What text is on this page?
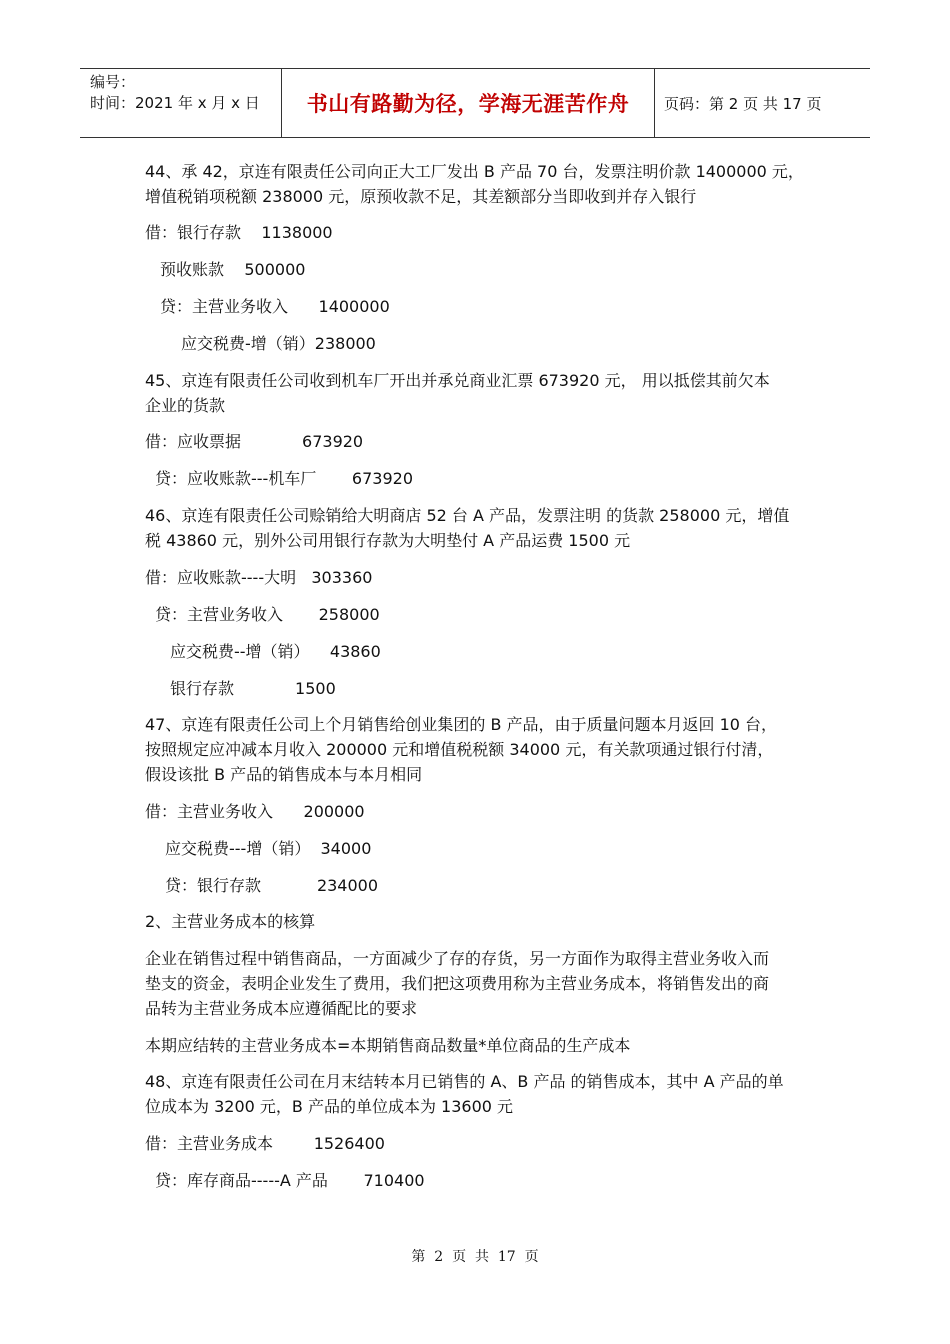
编号：
时间：2021 年 x 月 x 日	书山有路勤为径，学海无涯苦作舟	页码：第 2 页 共 17 页
44、承 42，京连有限责任公司向正大工厂发出 B 产品 70 台，发票注明价款 1400000 元，
增值税销项税额 238000 元，原预收款不足，其差额部分当即收到并存入银行
借：银行存款    1138000
预收账款    500000
贷：主营业务收入      1400000
应交税费-增（销）238000
45、京连有限责任公司收到机车厂开出并承兑商业汇票 673920 元， 用以抵偿其前欠本
企业的货款
借：应收票据            673920
贷：应收账款---机车厂       673920
46、京连有限责任公司赊销给大明商店 52 台 A 产品，发票注明 的货款 258000 元，增值
税 43860 元，别外公司用银行存款为大明垫付 A 产品运费 1500 元
借：应收账款----大明   303360
贷：主营业务收入       258000
应交税费--增（销）    43860
银行存款            1500
47、京连有限责任公司上个月销售给创业集团的 B 产品，由于质量问题本月返回 10 台，
按照规定应冲减本月收入 200000 元和增值税税额 34000 元，有关款项通过银行付清，
假设该批 B 产品的销售成本与本月相同
借：主营业务收入      200000
应交税费---增（销）  34000
贷：银行存款           234000
2、主营业务成本的核算
企业在销售过程中销售商品，一方面减少了存的存货，另一方面作为取得主营业务收入而
垫支的资金，表明企业发生了费用，我们把这项费用称为主营业务成本，将销售发出的商
品转为主营业务成本应遵循配比的要求
本期应结转的主营业务成本=本期销售商品数量*单位商品的生产成本
48、京连有限责任公司在月末结转本月已销售的 A、B 产品 的销售成本，其中 A 产品的单
位成本为 3200 元，B 产品的单位成本为 13600 元
借：主营业务成本        1526400
贷：库存商品-----A 产品       710400
第  2  页  共  17  页
